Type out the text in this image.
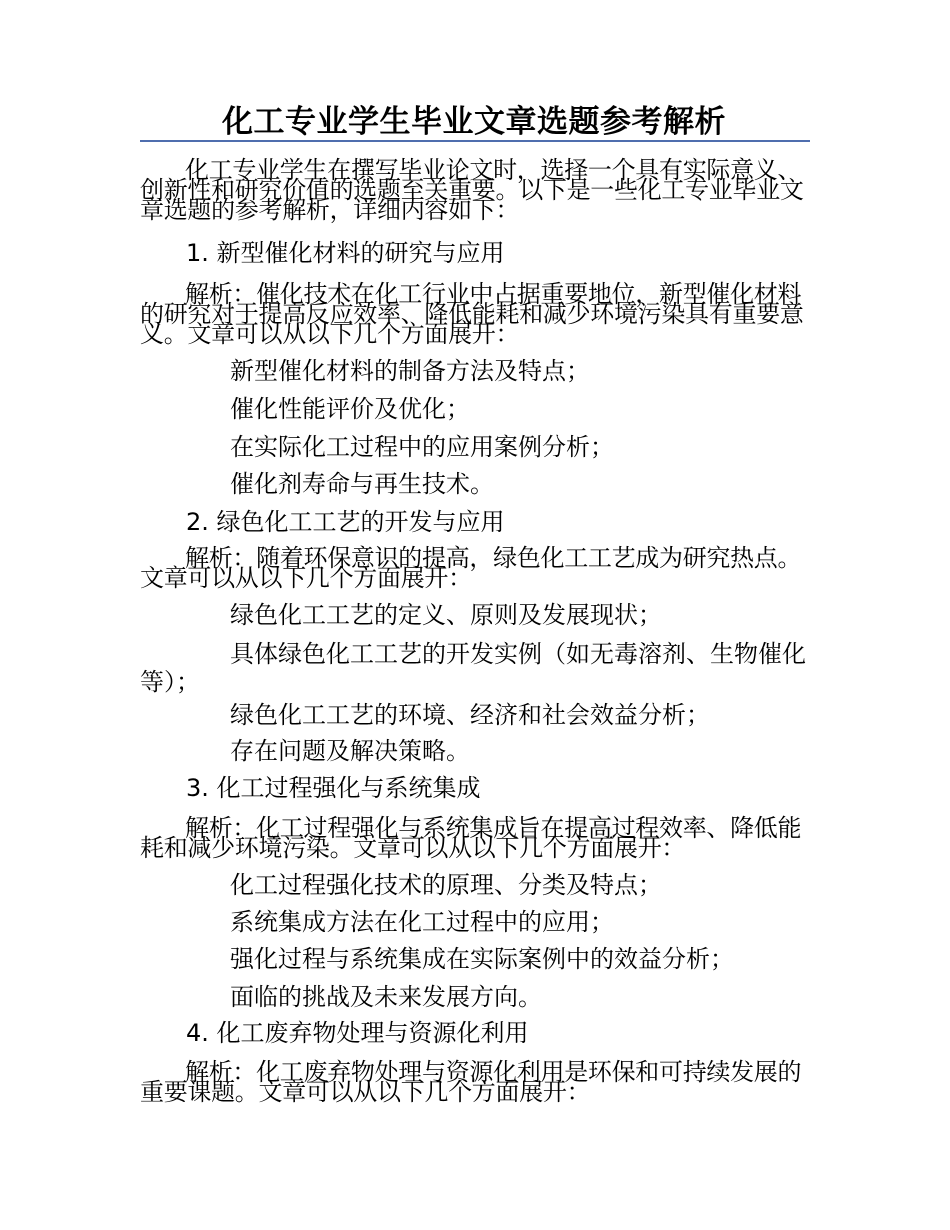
化工专业学生毕业文章选题参考解析
化工专业学生在撰写毕业论文时，选择一个具有实际意义、创新性和研究价值的选题至关重要。以下是一些化工专业毕业文章选题的参考解析，详细内容如下：
1. 新型催化材料的研究与应用
解析：催化技术在化工行业中占据重要地位，新型催化材料的研究对于提高反应效率、降低能耗和减少环境污染具有重要意义。文章可以从以下几个方面展开：
新型催化材料的制备方法及特点；
催化性能评价及优化；
在实际化工过程中的应用案例分析；
催化剂寿命与再生技术。
2. 绿色化工工艺的开发与应用
解析：随着环保意识的提高，绿色化工工艺成为研究热点。文章可以从以下几个方面展开：
绿色化工工艺的定义、原则及发展现状；
具体绿色化工工艺的开发实例（如无毒溶剂、生物催化等）；
绿色化工工艺的环境、经济和社会效益分析；
存在问题及解决策略。
3. 化工过程强化与系统集成
解析：化工过程强化与系统集成旨在提高过程效率、降低能耗和减少环境污染。文章可以从以下几个方面展开：
化工过程强化技术的原理、分类及特点；
系统集成方法在化工过程中的应用；
强化过程与系统集成在实际案例中的效益分析；
面临的挑战及未来发展方向。
4. 化工废弃物处理与资源化利用
解析：化工废弃物处理与资源化利用是环保和可持续发展的重要课题。文章可以从以下几个方面展开：
